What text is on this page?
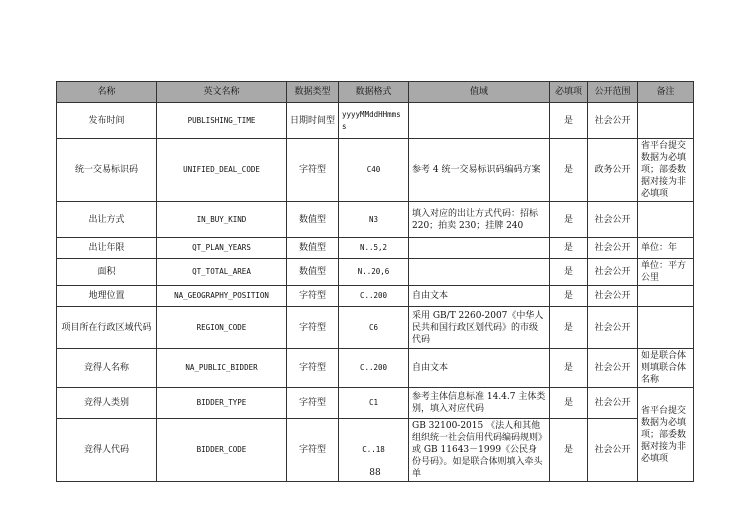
名称	英文名称	数据类型	数据格式	值域	必填项	公开范围	备注
发布时间	PUBLISHING_TIME	日期时间型	yyyyMMddHHmmss		是	社会公开	
统一交易标识码	UNIFIED_DEAL_CODE	字符型	C40	参考 4 统一交易标识码编码方案	是	政务公开	省平台提交数据为必填项；部委数据对接为非必填项
出让方式	IN_BUY_KIND	数值型	N3	填入对应的出让方式代码：招标 220；拍卖 230；挂牌 240	是	社会公开	
出让年限	QT_PLAN_YEARS	数值型	N..5,2		是	社会公开	单位：年
面积	QT_TOTAL_AREA	数值型	N..20,6		是	社会公开	单位：平方公里
地理位置	NA_GEOGRAPHY_POSITION	字符型	C..200	自由文本	是	社会公开	
项目所在行政区域代码	REGION_CODE	字符型	C6	采用 GB/T 2260-2007《中华人民共和国行政区划代码》的市级代码	是	社会公开	
竞得人名称	NA_PUBLIC_BIDDER	字符型	C..200	自由文本	是	社会公开	如是联合体则填联合体名称
竞得人类别	BIDDER_TYPE	字符型	C1	参考主体信息标准 14.4.7 主体类别，填入对应代码	是	社会公开	省平台提交数据为必填项；部委数据对接为非必填项
竞得人代码	BIDDER_CODE	字符型	C..18	GB 32100-2015 《法人和其他组织统一社会信用代码编码规则》或 GB 11643－1999《公民身份号码》。如是联合体则填入牵头单	是	社会公开	
88
